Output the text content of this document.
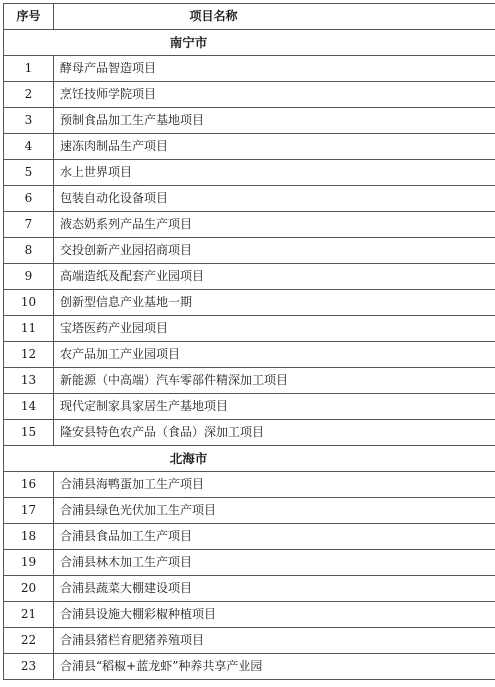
序号	项目名称
南宁市	
1	酵母产品智造项目
2	烹饪技师学院项目
3	预制食品加工生产基地项目
4	速冻肉制品生产项目
5	水上世界项目
6	包装自动化设备项目
7	液态奶系列产品生产项目
8	交投创新产业园招商项目
9	高端造纸及配套产业园项目
10	创新型信息产业基地一期
11	宝塔医药产业园项目
12	农产品加工产业园项目
13	新能源（中高端）汽车零部件精深加工项目
14	现代定制家具家居生产基地项目
15	隆安县特色农产品（食品）深加工项目
北海市	
16	合浦县海鸭蛋加工生产项目
17	合浦县绿色光伏加工生产项目
18	合浦县食品加工生产项目
19	合浦县林木加工生产项目
20	合浦县蔬菜大棚建设项目
21	合浦县设施大棚彩椒种植项目
22	合浦县猪栏育肥猪养殖项目
23	合浦县“稻椒+蓝龙虾”种养共享产业园
